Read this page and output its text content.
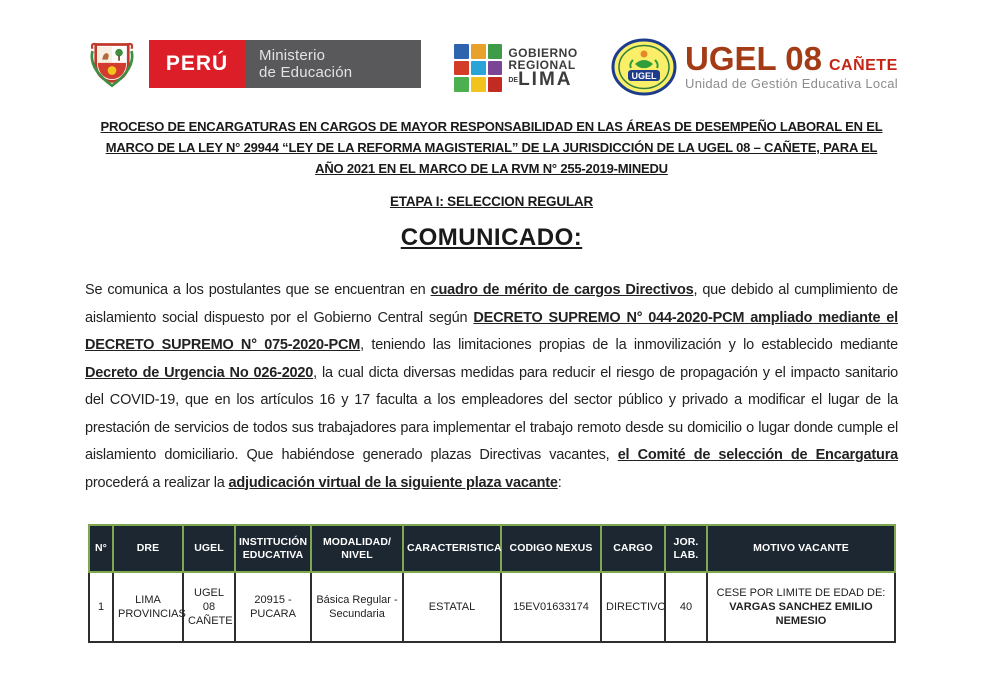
PERÚ	Ministerio
de Educación
GOBIERNO
REGIONAL
DELIMA	UGEL UGEL 08 CAÑETE
Unidad de Gestión Educativa Local
PROCESO DE ENCARGATURAS EN CARGOS DE MAYOR RESPONSABILIDAD EN LAS ÁREAS DE DESEMPEÑO LABORAL EN EL MARCO DE LA LEY N° 29944 “LEY DE LA REFORMA MAGISTERIAL” DE LA JURISDICCIÓN DE LA UGEL 08 – CAÑETE, PARA EL AÑO 2021 EN EL MARCO DE LA RVM N° 255-2019-MINEDU
ETAPA I: SELECCION REGULAR
COMUNICADO:

Se comunica a los postulantes que se encuentran en cuadro de mérito de cargos Directivos, que debido al cumplimiento de aislamiento social dispuesto por el Gobierno Central según DECRETO SUPREMO N° 044-2020-PCM ampliado mediante el DECRETO SUPREMO N° 075-2020-PCM, teniendo las limitaciones propias de la inmovilización y lo establecido mediante Decreto de Urgencia No 026-2020, la cual dicta diversas medidas para reducir el riesgo de propagación y el impacto sanitario del COVID-19, que en los artículos 16 y 17 faculta a los empleadores del sector público y privado a modificar el lugar de la prestación de servicios de todos sus trabajadores para implementar el trabajo remoto desde su domicilio o lugar donde cumple el aislamiento domiciliario. Que habiéndose generado plazas Directivas vacantes, el Comité de selección de Encargatura procederá a realizar la adjudicación virtual de la siguiente plaza vacante:

N°	DRE	UGEL	INSTITUCIÓN EDUCATIVA	MODALIDAD/ NIVEL	CARACTERISTICA	CODIGO NEXUS	CARGO	JOR. LAB.	MOTIVO VACANTE
1	LIMA PROVINCIAS	UGEL 08 CAÑETE	20915 - PUCARA	Básica Regular - Secundaria	ESTATAL	15EV01633174	DIRECTIVO	40	CESE POR LIMITE DE EDAD DE:
VARGAS SANCHEZ EMILIO NEMESIO
